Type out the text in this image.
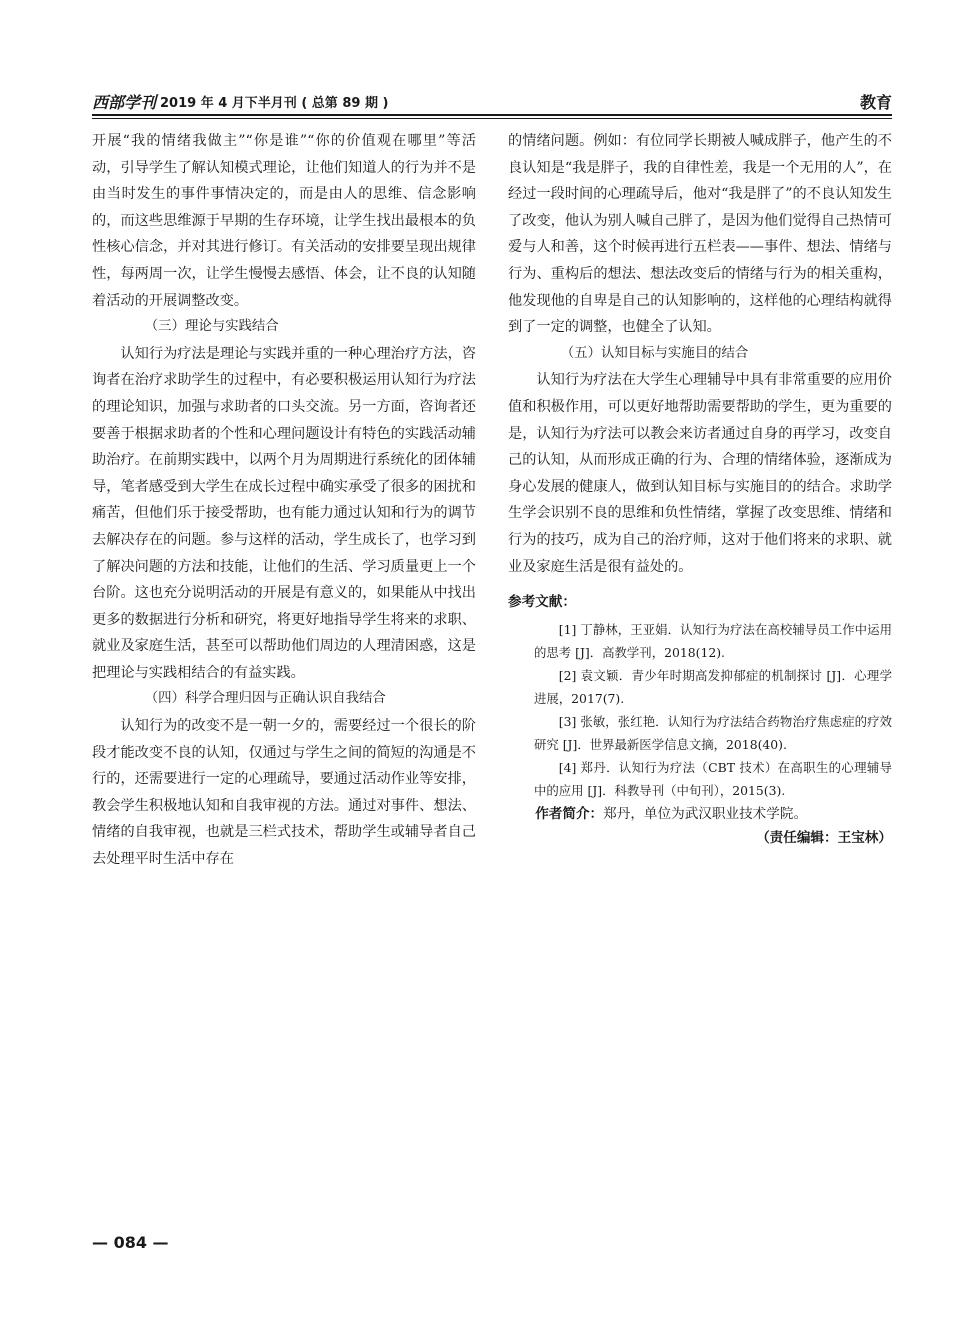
西部学刊 2019 年 4 月下半月刊 ( 总第 89 期 )	教育

开展“我的情绪我做主”“你是谁”“你的价值观在哪里”等活动，引导学生了解认知模式理论，让他们知道人的行为并不是由当时发生的事件事情决定的，而是由人的思维、信念影响的，而这些思维源于早期的生存环境，让学生找出最根本的负性核心信念，并对其进行修订。有关活动的安排要呈现出规律性，每两周一次，让学生慢慢去感悟、体会，让不良的认知随着活动的开展调整改变。

（三）理论与实践结合

认知行为疗法是理论与实践并重的一种心理治疗方法，咨询者在治疗求助学生的过程中，有必要积极运用认知行为疗法的理论知识，加强与求助者的口头交流。另一方面，咨询者还要善于根据求助者的个性和心理问题设计有特色的实践活动辅助治疗。在前期实践中，以两个月为周期进行系统化的团体辅导，笔者感受到大学生在成长过程中确实承受了很多的困扰和痛苦，但他们乐于接受帮助，也有能力通过认知和行为的调节去解决存在的问题。参与这样的活动，学生成长了，也学习到了解决问题的方法和技能，让他们的生活、学习质量更上一个台阶。这也充分说明活动的开展是有意义的，如果能从中找出更多的数据进行分析和研究，将更好地指导学生将来的求职、就业及家庭生活，甚至可以帮助他们周边的人理清困惑，这是把理论与实践相结合的有益实践。

（四）科学合理归因与正确认识自我结合

认知行为的改变不是一朝一夕的，需要经过一个很长的阶段才能改变不良的认知，仅通过与学生之间的简短的沟通是不行的，还需要进行一定的心理疏导，要通过活动作业等安排，教会学生积极地认知和自我审视的方法。通过对事件、想法、情绪的自我审视，也就是三栏式技术，帮助学生或辅导者自己去处理平时生活中存在

的情绪问题。例如：有位同学长期被人喊成胖子，他产生的不良认知是“我是胖子，我的自律性差，我是一个无用的人”，在经过一段时间的心理疏导后，他对“我是胖了”的不良认知发生了改变，他认为别人喊自己胖了，是因为他们觉得自己热情可爱与人和善，这个时候再进行五栏表——事件、想法、情绪与行为、重构后的想法、想法改变后的情绪与行为的相关重构，他发现他的自卑是自己的认知影响的，这样他的心理结构就得到了一定的调整，也健全了认知。

（五）认知目标与实施目的结合

认知行为疗法在大学生心理辅导中具有非常重要的应用价值和积极作用，可以更好地帮助需要帮助的学生，更为重要的是，认知行为疗法可以教会来访者通过自身的再学习，改变自己的认知，从而形成正确的行为、合理的情绪体验，逐渐成为身心发展的健康人，做到认知目标与实施目的的结合。求助学生学会识别不良的思维和负性情绪，掌握了改变思维、情绪和行为的技巧，成为自己的治疗师，这对于他们将来的求职、就业及家庭生活是很有益处的。

参考文献：

[1] 丁静林，王亚娟．认知行为疗法在高校辅导员工作中运用的思考 [J]．高教学刊，2018(12).

[2] 袁文颖．青少年时期高发抑郁症的机制探讨 [J]．心理学进展，2017(7).

[3] 张敏，张红艳．认知行为疗法结合药物治疗焦虑症的疗效研究 [J]．世界最新医学信息文摘，2018(40).

[4] 郑丹．认知行为疗法（CBT 技术）在高职生的心理辅导中的应用 [J]．科教导刊（中旬刊），2015(3).

作者简介：郑丹，单位为武汉职业技术学院。

（责任编辑：王宝林）

— 084 —
